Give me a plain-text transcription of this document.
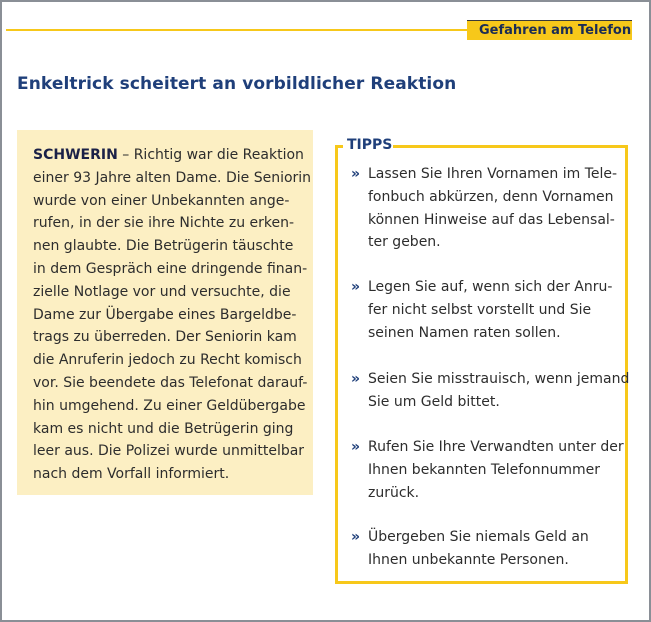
Gefahren am Telefon
Enkeltrick scheitert an vorbildlicher Reaktion
SCHWERIN – Richtig war die Reaktion
einer 93 Jahre alten Dame. Die Seniorin
wurde von einer Unbekannten ange-
rufen, in der sie ihre Nichte zu erken-
nen glaubte. Die Betrügerin täuschte
in dem Gespräch eine dringende finan-
zielle Notlage vor und versuchte, die
Dame zur Übergabe eines Bargeldbe-
trags zu überreden. Der Seniorin kam
die Anruferin jedoch zu Recht komisch
vor. Sie beendete das Telefonat darauf-
hin umgehend. Zu einer Geldübergabe
kam es nicht und die Betrügerin ging
leer aus. Die Polizei wurde unmittelbar
nach dem Vorfall informiert.
TIPPS
» Lassen Sie Ihren Vornamen im Tele-
fonbuch abkürzen, denn Vornamen
können Hinweise auf das Lebensal-
ter geben.
» Legen Sie auf, wenn sich der Anru-
fer nicht selbst vorstellt und Sie
seinen Namen raten sollen.
» Seien Sie misstrauisch, wenn jemand
Sie um Geld bittet.
» Rufen Sie Ihre Verwandten unter der
Ihnen bekannten Telefonnummer
zurück.
» Übergeben Sie niemals Geld an
Ihnen unbekannte Personen.
